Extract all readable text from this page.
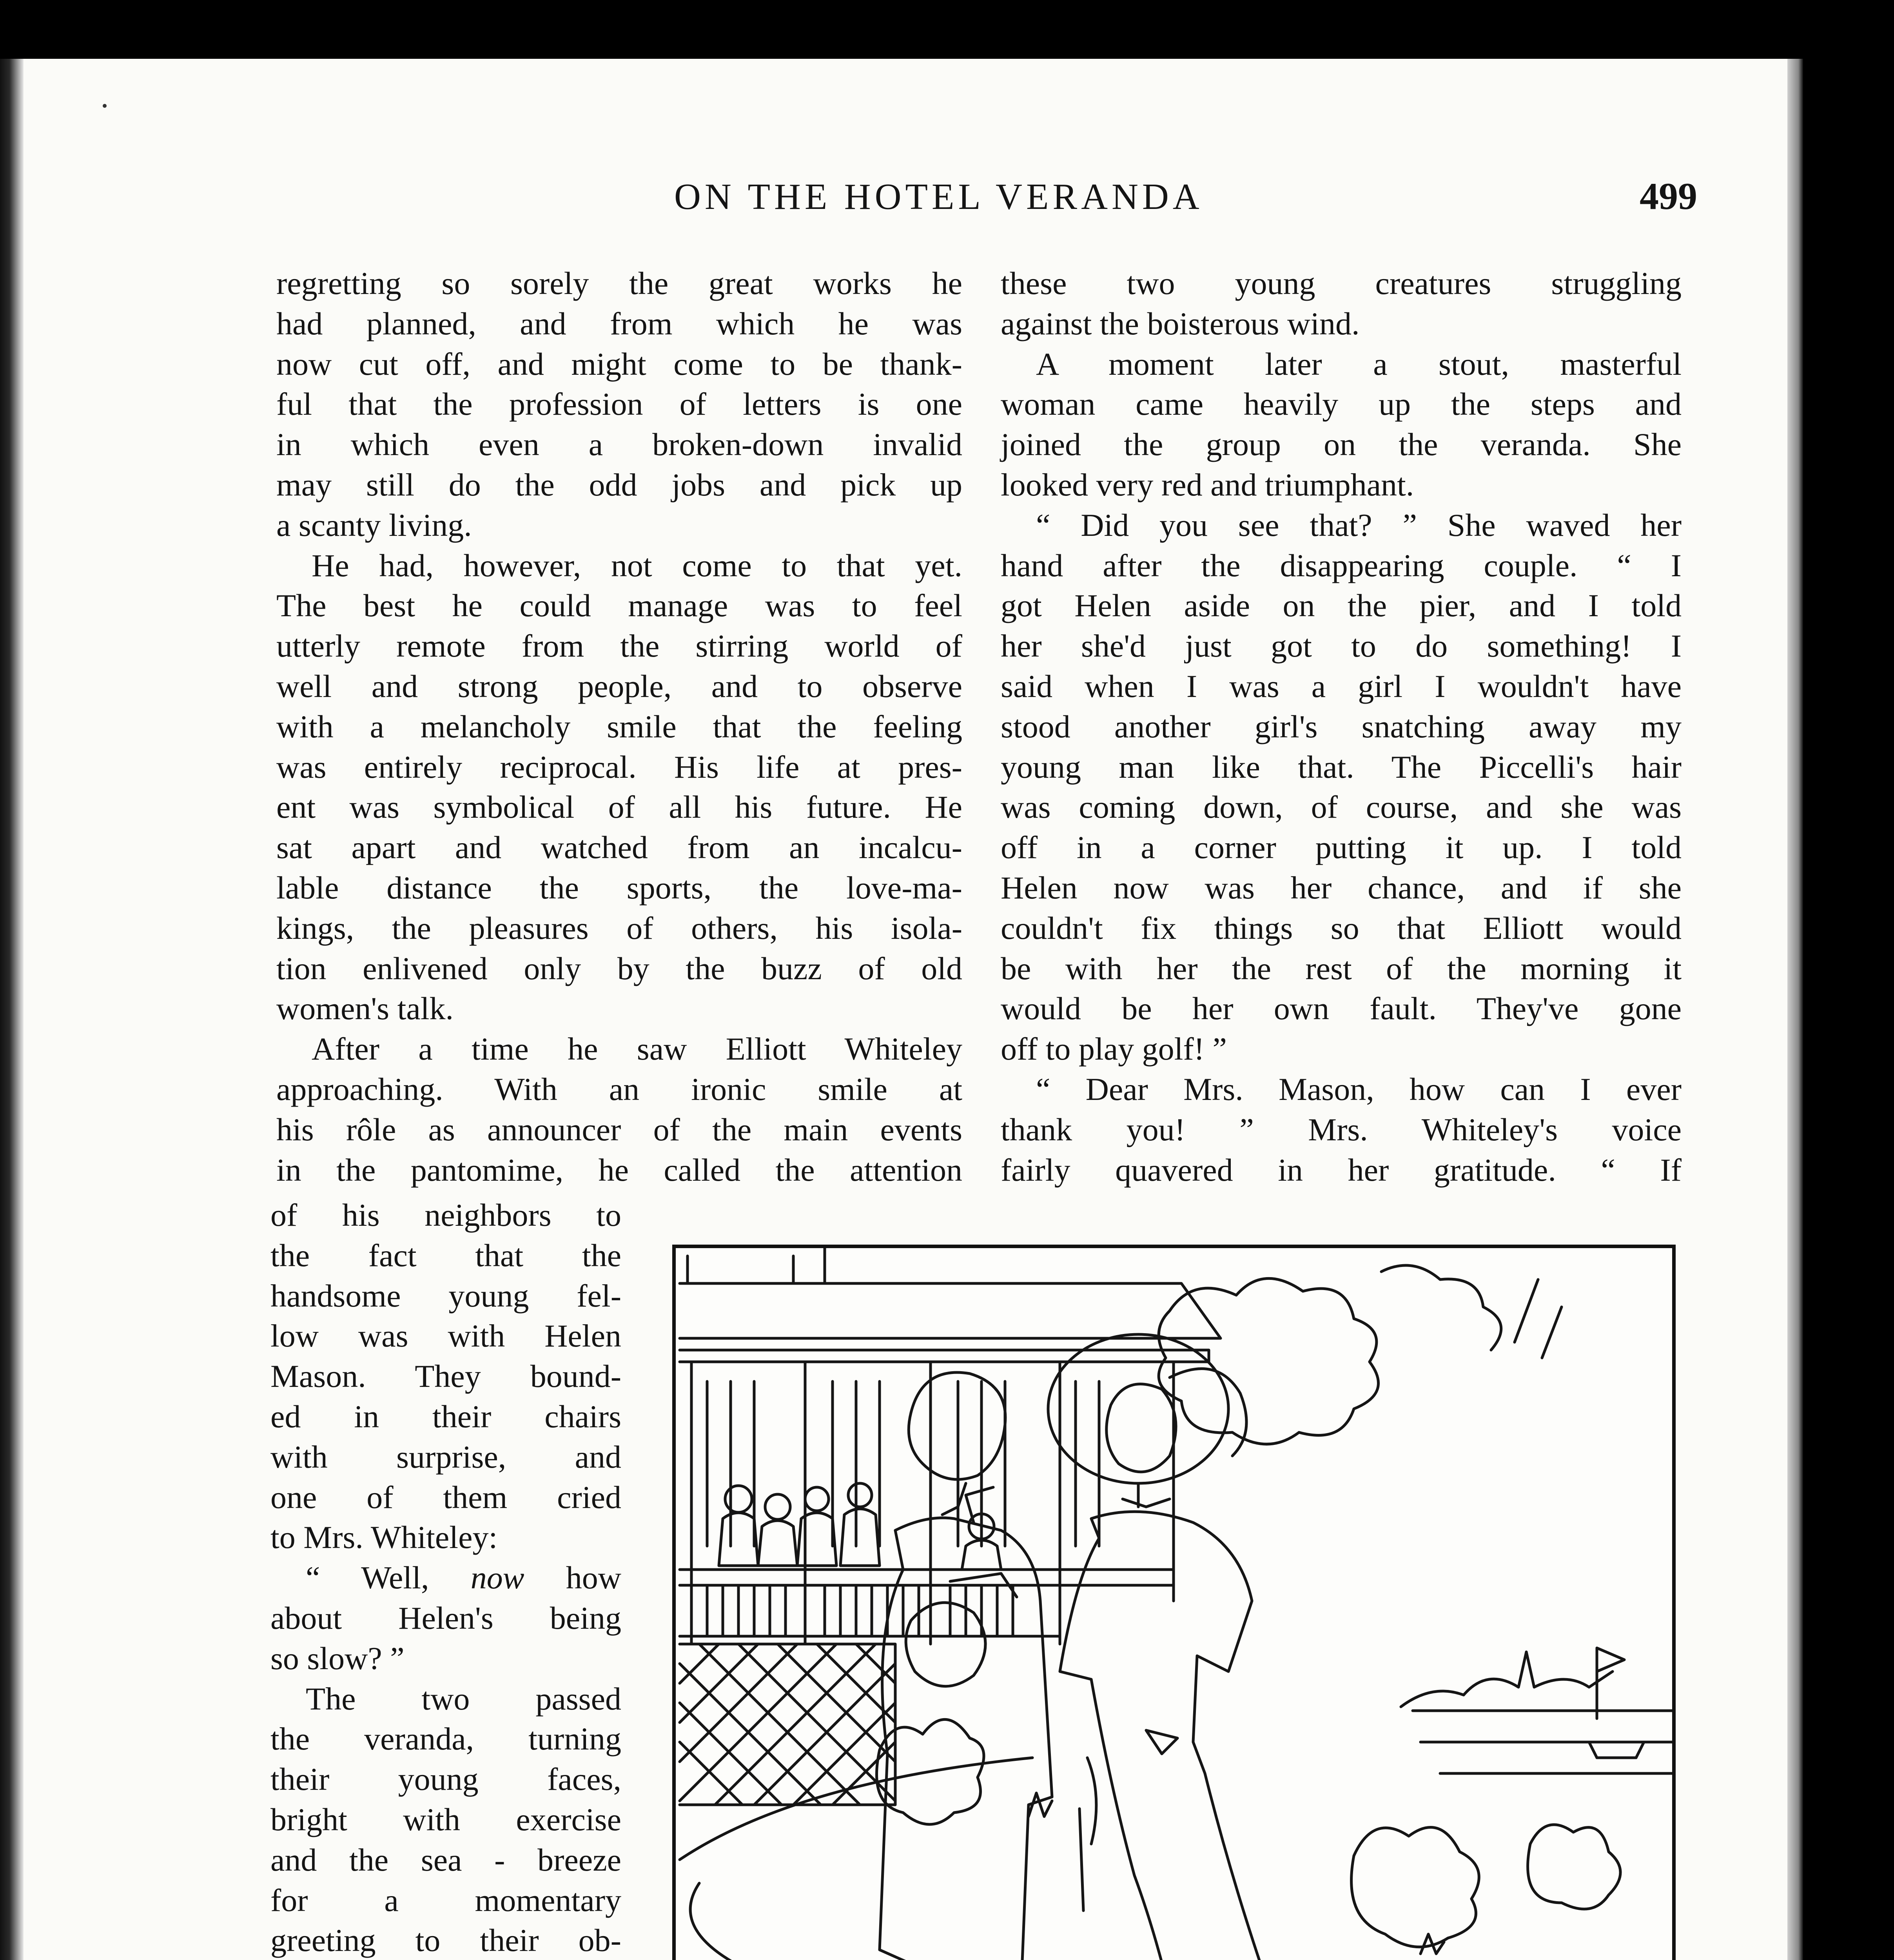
ON THE HOTEL VERANDA	499
regretting so sorely the great works he
had planned, and from which he was
now cut off, and might come to be thank-
ful that the profession of letters is one
in which even a broken-down invalid
may still do the odd jobs and pick up
a scanty living.
He had, however, not come to that yet.
The best he could manage was to feel
utterly remote from the stirring world of
well and strong people, and to observe
with a melancholy smile that the feeling
was entirely reciprocal. His life at pres-
ent was symbolical of all his future. He
sat apart and watched from an incalcu-
lable distance the sports, the love-ma-
kings, the pleasures of others, his isola-
tion enlivened only by the buzz of old
women's talk.
After a time he saw Elliott Whiteley
approaching. With an ironic smile at
his rôle as announcer of the main events
in the pantomime, he called the attention
these two young creatures struggling
against the boisterous wind.
A moment later a stout, masterful
woman came heavily up the steps and
joined the group on the veranda. She
looked very red and triumphant.
“ Did you see that? ” She waved her
hand after the disappearing couple. “ I
got Helen aside on the pier, and I told
her she'd just got to do something! I
said when I was a girl I wouldn't have
stood another girl's snatching away my
young man like that. The Piccelli's hair
was coming down, of course, and she was
off in a corner putting it up. I told
Helen now was her chance, and if she
couldn't fix things so that Elliott would
be with her the rest of the morning it
would be her own fault. They've gone
off to play golf! ”
“ Dear Mrs. Mason, how can I ever
thank you! ” Mrs. Whiteley's voice
fairly quavered in her gratitude. “ If
of his neighbors to
the fact that the
handsome young fel-
low was with Helen
Mason. They bound-
ed in their chairs
with surprise, and
one of them cried
to Mrs. Whiteley:
“ Well, now how
about Helen's being
so slow? ”
The two passed
the veranda, turning
their young faces,
bright with exercise
and the sea - breeze
for a momentary
greeting to their ob-
